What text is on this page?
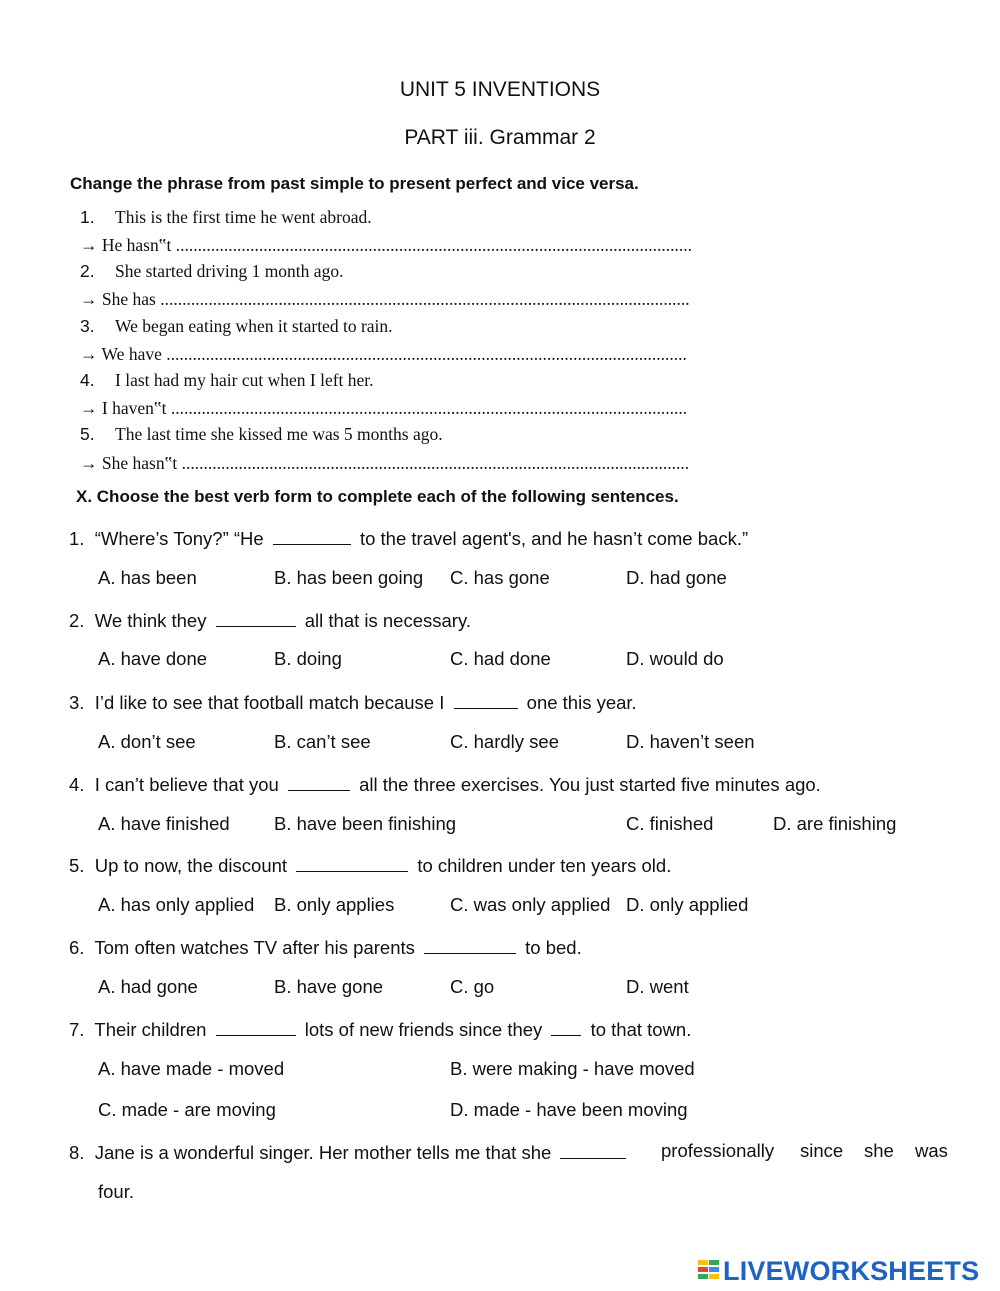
UNIT 5 INVENTIONS
PART iii. Grammar 2
Change the phrase from past simple to present perfect and vice versa.
1. This is the first time he went abroad.
→ He hasn‟t ......................................................................................................................
2. She started driving 1 month ago.
→ She has .........................................................................................................................
3. We began eating when it started to rain.
→ We have .......................................................................................................................
4. I last had my hair cut when I left her.
→ I haven‟t ......................................................................................................................
5. The last time she kissed me was 5 months ago.
→ She hasn‟t ....................................................................................................................
X. Choose the best verb form to complete each of the following sentences.
1. “Where’s Tony?” “He	to the travel agent's, and he hasn’t come back.”
A. has been	B. has been going C. has gone	D. had gone
2. We think they	all that is necessary.
A. have done	B. doing	C. had done	D. would do
3. I’d like to see that football match because I	one this year.
A. don’t see	B. can’t see	C. hardly see	D. haven’t seen
4. I can’t believe that you	all the three exercises. You just started five minutes ago.
A. have finished B. have been finishing	C. finished	D. are finishing
5. Up to now, the discount	to children under ten years old.
A. has only applied B. only applies	C. was only applied D. only applied
6. Tom often watches TV after his parents	to bed.
A. had gone	B. have gone	C. go	D. went
7. Their children	lots of new friends since they	to that town.
A. have made - moved	B. were making - have moved
C. made - are moving	D. made - have been moving
8. Jane is a wonderful singer. Her mother tells me that she	professionally since she was
four.
LIVEWORKSHEETS
